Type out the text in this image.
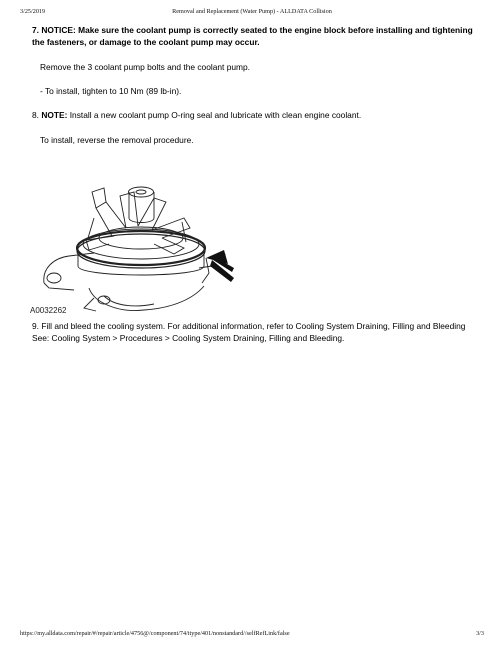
3/25/2019	Removal and Replacement (Water Pump) - ALLDATA Collision
7. NOTICE: Make sure the coolant pump is correctly seated to the engine block before installing and tightening the fasteners, or damage to the coolant pump may occur.
Remove the 3 coolant pump bolts and the coolant pump.
- To install, tighten to 10 Nm (89 lb-in).
8. NOTE: Install a new coolant pump O-ring seal and lubricate with clean engine coolant.
To install, reverse the removal procedure.
9. Fill and bleed the cooling system. For additional information, refer to Cooling System Draining, Filling and Bleeding See: Cooling System > Procedures > Cooling System Draining, Filling and Bleeding.
A0032262
https://my.alldata.com/repair/#/repair/article/4756@/component/74/itype/401/nonstandard//selfRefLink/false	3/3
